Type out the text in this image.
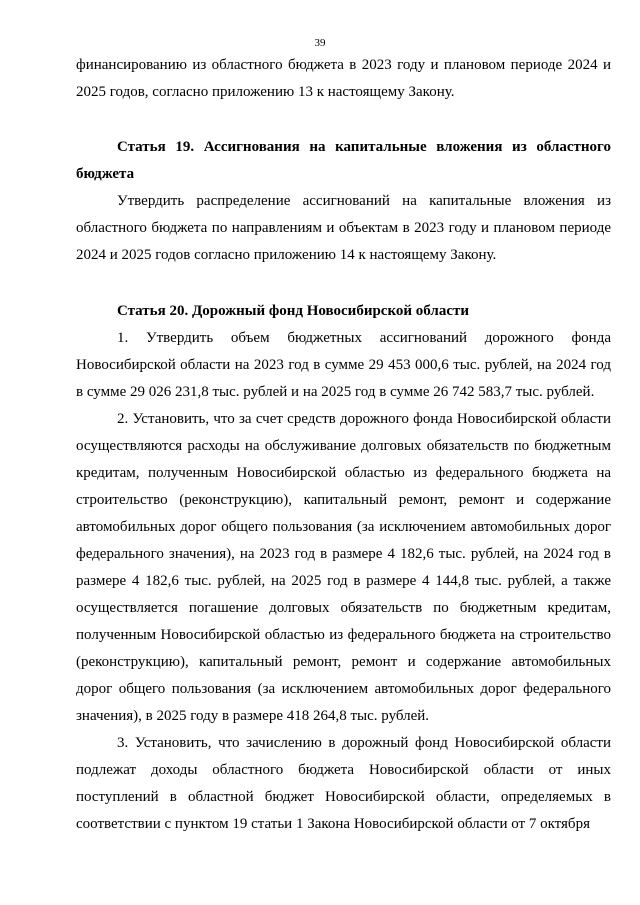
39

финансированию из областного бюджета в 2023 году и плановом периоде 2024 и 2025 годов, согласно приложению 13 к настоящему Закону.

Статья 19. Ассигнования на капитальные вложения из областного бюджета

Утвердить распределение ассигнований на капитальные вложения из областного бюджета по направлениям и объектам в 2023 году и плановом периоде 2024 и 2025 годов согласно приложению 14 к настоящему Закону.

Статья 20. Дорожный фонд Новосибирской области

1. Утвердить объем бюджетных ассигнований дорожного фонда Новосибирской области на 2023 год в сумме 29 453 000,6 тыс. рублей, на 2024 год в сумме 29 026 231,8 тыс. рублей и на 2025 год в сумме 26 742 583,7 тыс. рублей.

2. Установить, что за счет средств дорожного фонда Новосибирской области осуществляются расходы на обслуживание долговых обязательств по бюджетным кредитам, полученным Новосибирской областью из федерального бюджета на строительство (реконструкцию), капитальный ремонт, ремонт и содержание автомобильных дорог общего пользования (за исключением автомобильных дорог федерального значения), на 2023 год в размере 4 182,6 тыс. рублей, на 2024 год в размере 4 182,6 тыс. рублей, на 2025 год в размере 4 144,8 тыс. рублей, а также осуществляется погашение долговых обязательств по бюджетным кредитам, полученным Новосибирской областью из федерального бюджета на строительство (реконструкцию), капитальный ремонт, ремонт и содержание автомобильных дорог общего пользования (за исключением автомобильных дорог федерального значения), в 2025 году в размере 418 264,8 тыс. рублей.

3. Установить, что зачислению в дорожный фонд Новосибирской области подлежат доходы областного бюджета Новосибирской области от иных поступлений в областной бюджет Новосибирской области, определяемых в соответствии с пунктом 19 статьи 1 Закона Новосибирской области от 7 октября
